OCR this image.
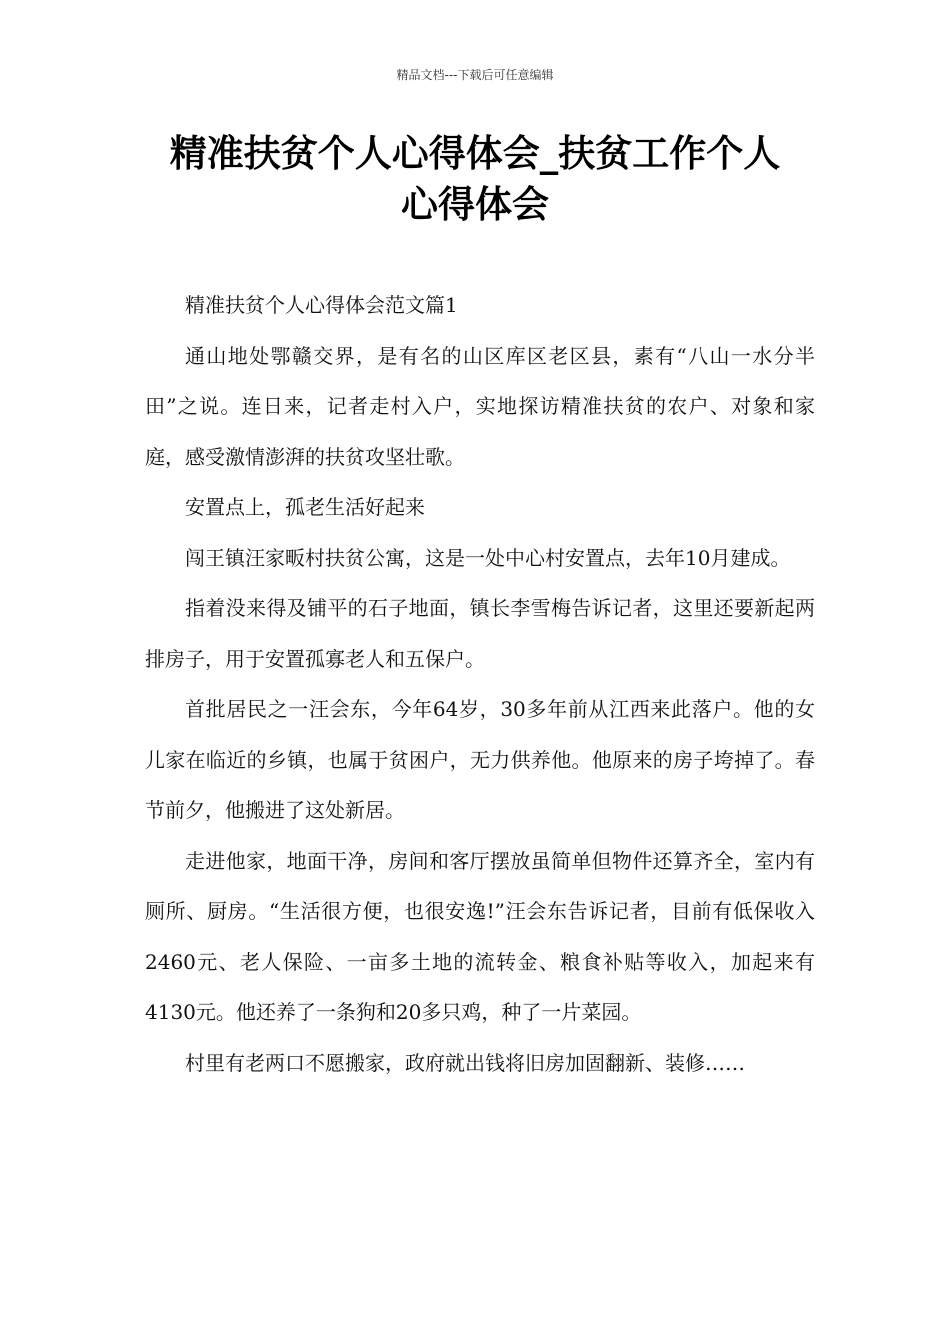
精品文档---下载后可任意编辑
精准扶贫个人心得体会_扶贫工作个人
心得体会

精准扶贫个人心得体会范文篇1

通山地处鄂赣交界，是有名的山区库区老区县，素有“八山一水分半田”之说。连日来，记者走村入户，实地探访精准扶贫的农户、对象和家庭，感受激情澎湃的扶贫攻坚壮歌。

安置点上，孤老生活好起来

闯王镇汪家畈村扶贫公寓，这是一处中心村安置点，去年10月建成。

指着没来得及铺平的石子地面，镇长李雪梅告诉记者，这里还要新起两排房子，用于安置孤寡老人和五保户。

首批居民之一汪会东，今年64岁，30多年前从江西来此落户。他的女儿家在临近的乡镇，也属于贫困户，无力供养他。他原来的房子垮掉了。春节前夕，他搬进了这处新居。

走进他家，地面干净，房间和客厅摆放虽简单但物件还算齐全，室内有厕所、厨房。“生活很方便，也很安逸!”汪会东告诉记者，目前有低保收入2460元、老人保险、一亩多土地的流转金、粮食补贴等收入，加起来有4130元。他还养了一条狗和20多只鸡，种了一片菜园。

村里有老两口不愿搬家，政府就出钱将旧房加固翻新、装修……
